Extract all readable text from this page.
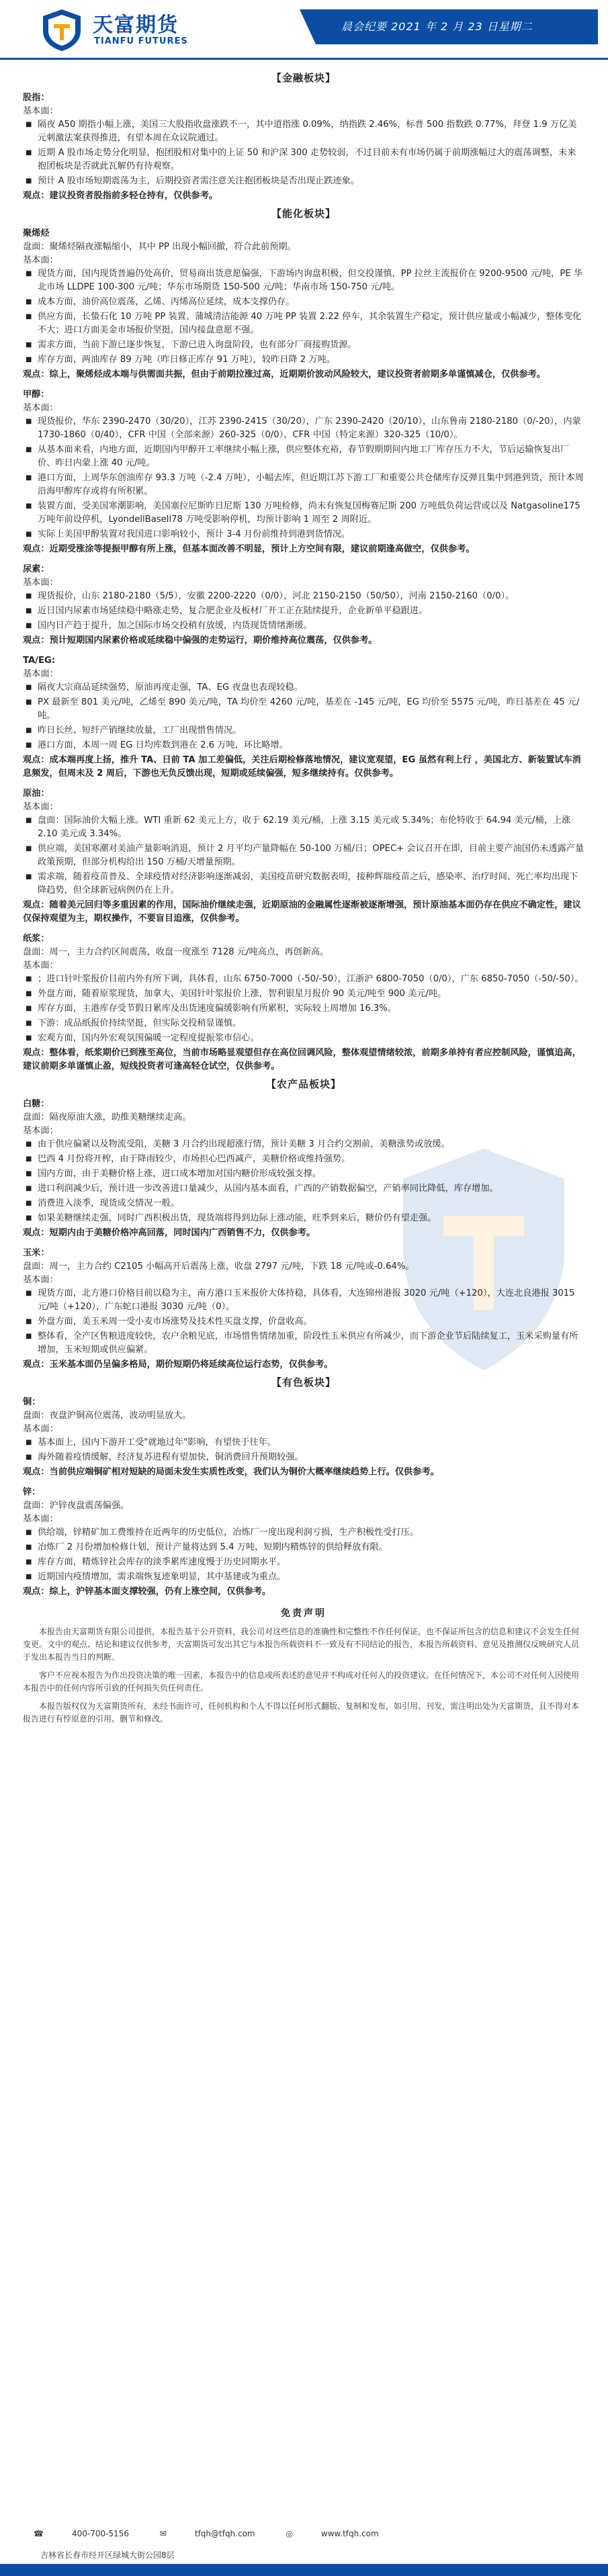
天富期货
TIANFU FUTURES
晨会纪要 2021 年 2 月 23 日星期二
【金融板块】
股指：
基本面：
■ 隔夜 A50 期指小幅上涨，美国三大股指收盘涨跌不一，其中道指涨 0.09%，纳指跌 2.46%，标普 500 指数跌 0.77%，拜登 1.9 万亿美元刺激法案获得推进，有望本周在众议院通过。
■ 近期 A 股市场走势分化明显，抱团股相对集中的上证 50 和沪深 300 走势较弱，不过目前未有市场仍属于前期涨幅过大的震荡调整，未来抱团板块是否就此瓦解仍有待观察。
■ 预计 A 股市场短期震荡为主，后期投资者需注意关注抱团板块是否出现止跌迹象。
观点：建议投资者股指前多轻仓持有，仅供参考。
【能化板块】
聚烯烃
盘面：聚烯烃隔夜涨幅缩小，其中 PP 出现小幅回撤，符合此前预期。
基本面：
■ 现货方面，国内现货普遍仍处高价，贸易商出货意愿偏强，下游场内询盘积极，但交投谨慎，PP 拉丝主流报价在 9200-9500 元/吨，PE 华北市场 LLDPE 100-300 元/吨；华东市场期货 150-500 元/吨；华南市场 150-750 元/吨。
■ 成本方面，油价高位震荡，乙烯、丙烯高位延续，成本支撑仍存。
■ 供应方面，长蛰石化 10 万吨 PP 装置、蒲城清洁能源 40 万吨 PP 装置 2.22 停车，其余装置生产稳定，预计供应量或小幅减少，整体变化不大；进口方面美金市场报价坚挺，国内接盘意愿不强。
■ 需求方面，当前下游已逐步恢复，下游已进入询盘阶段，也有部分厂商接购货源。
■ 库存方面，两油库存 89 万吨（昨日修正库存 91 万吨），较昨日降 2 万吨。
观点：综上，聚烯烃成本端与供需面共振，但由于前期拉涨过高，近期期价波动风险较大，建议投资者前期多单谨慎减仓，仅供参考。
甲醇：
基本面：
■ 现货报价，华东 2390-2470（30/20），江苏 2390-2415（30/20），广东 2390-2420（20/10），山东鲁南 2180-2180（0/-20），内蒙 1730-1860（0/40），CFR 中国（全部来源）260-325（0/0），CFR 中国（特定来源）320-325（10/0）。
■ 从基本面来看，内地方面，近期国内甲醇开工率继续小幅上涨，供应整体充裕，春节假期期间内地工厂库存压力不大，节后运输恢复出厂价、昨日内蒙上涨 40 元/吨。
■ 港口方面，上周华东创油库存 93.3 万吨（-2.4 万吨），小幅去库，但近期江苏下游工厂和重要公共仓储库存反弹且集中到港到货，预计本周沿海甲醇库存或将有所积累。
■ 装置方面，受美国寒潮影响，美国塞拉尼斯昨日尼斯 130 万吨检修，尚未有恢复国梅赛尼斯 200 万吨低负荷运营或以及 Natgasoline175 万吨年前设停机，LyondellBasell78 万吨受影响停机，均预计影响 1 周至 2 周附近。
■ 实际上美国甲醇装置对我国进口影响较小，预计 3-4 月份前维持到港到货情况。
观点：近期受涨涂等提振甲醇有所上涨，但基本面改善不明显，预计上方空间有限，建议前期逢高做空，仅供参考。
尿素：
基本面：
■ 现货报价，山东 2180-2180（5/5），安徽 2200-2220（0/0），河北 2150-2150（50/50），河南 2150-2160（0/0）。
■ 近日国内尿素市场延续稳中略涨走势，复合肥企业及板材厂开工正在陆续提升，企业新单平稳跟进。
■ 国内日产趋于提升，加之国际市场交投稍有放缓，内货现货情绪渐缓。
观点：预计短期国内尿素价格或延续稳中偏强的走势运行，期价维持高位震荡，仅供参考。
TA/EG:
基本面：
■ 隔夜大宗商品延续强势，原油再度走强，TA、EG 夜盘也表现较稳。
■ PX 最新至 801 美元/吨，乙烯至 890 美元/吨，TA 均价至 4260 元/吨，基差在 -145 元/吨，EG 均价至 5575 元/吨，昨日基差在 45 元/吨。
■ 昨日长丝、短纤产销继续放量，工厂出现惜售情况。
■ 港口方面，本周一周 EG 日均库数到港在 2.6 万吨，环比略增。
观点：成本端再度上扬，推升 TA、日前 TA 加工差偏低，关注后期检修落地情况，建议宽观望，EG 虽然有利上行 ，美国北方、新装置试车消息频发，但周末及 2 周后，下游也无负反馈出现，短期或延续偏强，短多继续持有。仅供参考。
原油：
基本面：
■ 盘面：国际油价大幅上涨。WTI 重新 62 美元上方，收于 62.19 美元/桶，上涨 3.15 美元或 5.34%；布伦特收于 64.94 美元/桶，上涨 2.10 美元或 3.34%。
■ 供应端，美国寒潮对美油产量影响消退，预计 2 月平均产量降幅在 50-100 万桶/日；OPEC+ 会议召开在即，目前主要产油国仍未透露产量政策预期，但部分机构给出 150 万桶/天增量预期。
■ 需求端，随着疫苗普及、全球疫情对经济影响逐渐减弱，美国疫苗研究数据表明，接种辉瑞疫苗之后，感染率、治疗时间、死亡率均出现下降趋势，但全球新冠病例仍在上升。
观点：随着美元回归等多重因素的作用，国际油价继续走强，近期原油的金融属性逐渐被逐渐增强，预计原油基本面仍存在供应不确定性，建议仅保持观望为主，期权操作，不要盲目追涨，仅供参考。
纸浆：
盘面：周一，主力合约区间震荡，收盘一度涨至 7128 元/吨高点，再创新高。
基本面：
■ ；进口针叶浆报价目前内外有所下调，具体看，山东 6750-7000（-50/-50），江浙沪 6800-7050（0/0），广东 6850-7050（-50/-50）。
■ 外盘方面，随着原浆现货，加拿大、美国针叶浆报价上涨，智利银星月报价 90 美元/吨至 900 美元/吨。
■ 库存方面，主港库存受节假日累库及出货速度偏缓影响有所累积，实际较上周增加 16.3%。
■ 下游：成品纸报价持续坚挺，但实际交投稍显谨慎。
■ 宏观方面，国内外宏观氛围偏暖一定程度提振浆市信心。
观点：整体看，纸浆期价已到涨至高位，当前市场略显观望但存在高位回调风险，整体观望情绪较浓，前期多单持有者应控制风险，谨慎追高，建议前期多单谨慎止盈，短线投资者可逢高轻仓试空，仅供参考。
【农产品板块】
白糖：
盘面：隔夜原油大涨，助推美糖继续走高。
基本面：
■ 由于供应偏紧以及物流受阻，美糖 3 月合约出现超涨行情，预计美糖 3 月合约交割前，美糖涨势或放缓。
■ 巴西 4 月份将开榨，由于降雨较少，市场担心巴西减产，美糖价格或维持强势。
■ 国内方面，由于美糖价格上涨，进口成本增加对国内糖价形成较强支撑。
■ 进口利润减少后，预计进一步改善进口量减少，从国内基本面看，广西的产销数据偏空，产销率同比降低，库存增加。
■ 消费进入淡季，现货成交情况一般。
■ 如果美糖继续走强，同时广西积极出货，现货端将得到边际上涨动能，旺季到来后，糖价仍有望走强。
观点：短期内由于美糖价格冲高回落，同时国内广西销售不力，仅供参考。
玉米：
盘面：周一，主力合约 C2105 小幅高开后震荡上涨，收盘 2797 元/吨，下跌 18 元/吨或-0.64%。
基本面：
■ 现货方面，北方港口价格目前以稳为主，南方港口玉米报价大体持稳，具体看，大连锦州港报 3020 元/吨（+120），大连北良港报 3015 元/吨（+120），广东蛇口港报 3030 元/吨（0）。
■ 外盘方面，美玉米周一受小麦市场涨势及技术性买盘支撑，价盘收高。
■ 整体看，全产区售粮进度较快，农户余粮见底，市场惜售情绪加重，阶段性玉米供应有所减少，而下游企业节后陆续复工，玉米采购量有所增加，玉米短期或供应偏紧。
观点：玉米基本面仍呈偏多格局，期价短期仍将延续高位运行态势，仅供参考。
【有色板块】
铜：
盘面：夜盘沪铜高位震荡，波动明显放大。
基本面：
■ 基本面上，国内下游开工受"就地过年"影响，有望快于往年。
■ 海外随着疫情缓解，经济复苏进程有望加快，铜消费回升预期较强。
观点：当前供应端铜矿相对短缺的局面未发生实质性改变，我们认为铜价大概率继续趋势上行。仅供参考。
锌：
盘面：沪锌夜盘震荡偏强。
基本面：
■ 供给端，锌精矿加工费维持在近两年的历史低位，冶炼厂一度出现利润亏损，生产积极性受打压。
■ 冶炼厂 2 月份增加检修计划，预计产量将达到 5.4 万吨，短期内精炼锌的供给释放有限。
■ 库存方面，精炼锌社会库存的淡季累库速度慢于历史同期水平。
■ 近期国内疫情增加，需求端恢复迹象明显，其中基建或为重点。
观点：综上，沪锌基本面支撑较强，仍有上涨空间，仅供参考。
免责声明

本报告由天富期货有限公司提供，本报告基于公开资料，我公司对这些信息的准确性和完整性不作任何保证，也不保证所包含的信息和建议不会发生任何变更。文中的观点、结论和建议仅供参考，天富期货可发出其它与本报告所载资料不一致及有不同结论的报告，本报告所载资料、意见及推测仅反映研究人员于发出本报告当日的判断。

客户不应视本报告为作出投资决策的唯一因素，本报告中的信息或所表述的意见并不构成对任何人的投资建议。在任何情况下，本公司不对任何人因使用本报告中的任何内容所引致的任何损失负任何责任。

本报告版权仅为天富期货所有，未经书面许可，任何机构和个人不得以任何形式翻版、复制和发布，如引用、刊发，需注明出处为天富期货，且不得对本报告进行有悖原意的引用、删节和修改。

☎	400-700-5156	✉	tfqh@tfqh.com	◎	www.tfqh.com
吉林省长春市经开区绿城大街公园8层
